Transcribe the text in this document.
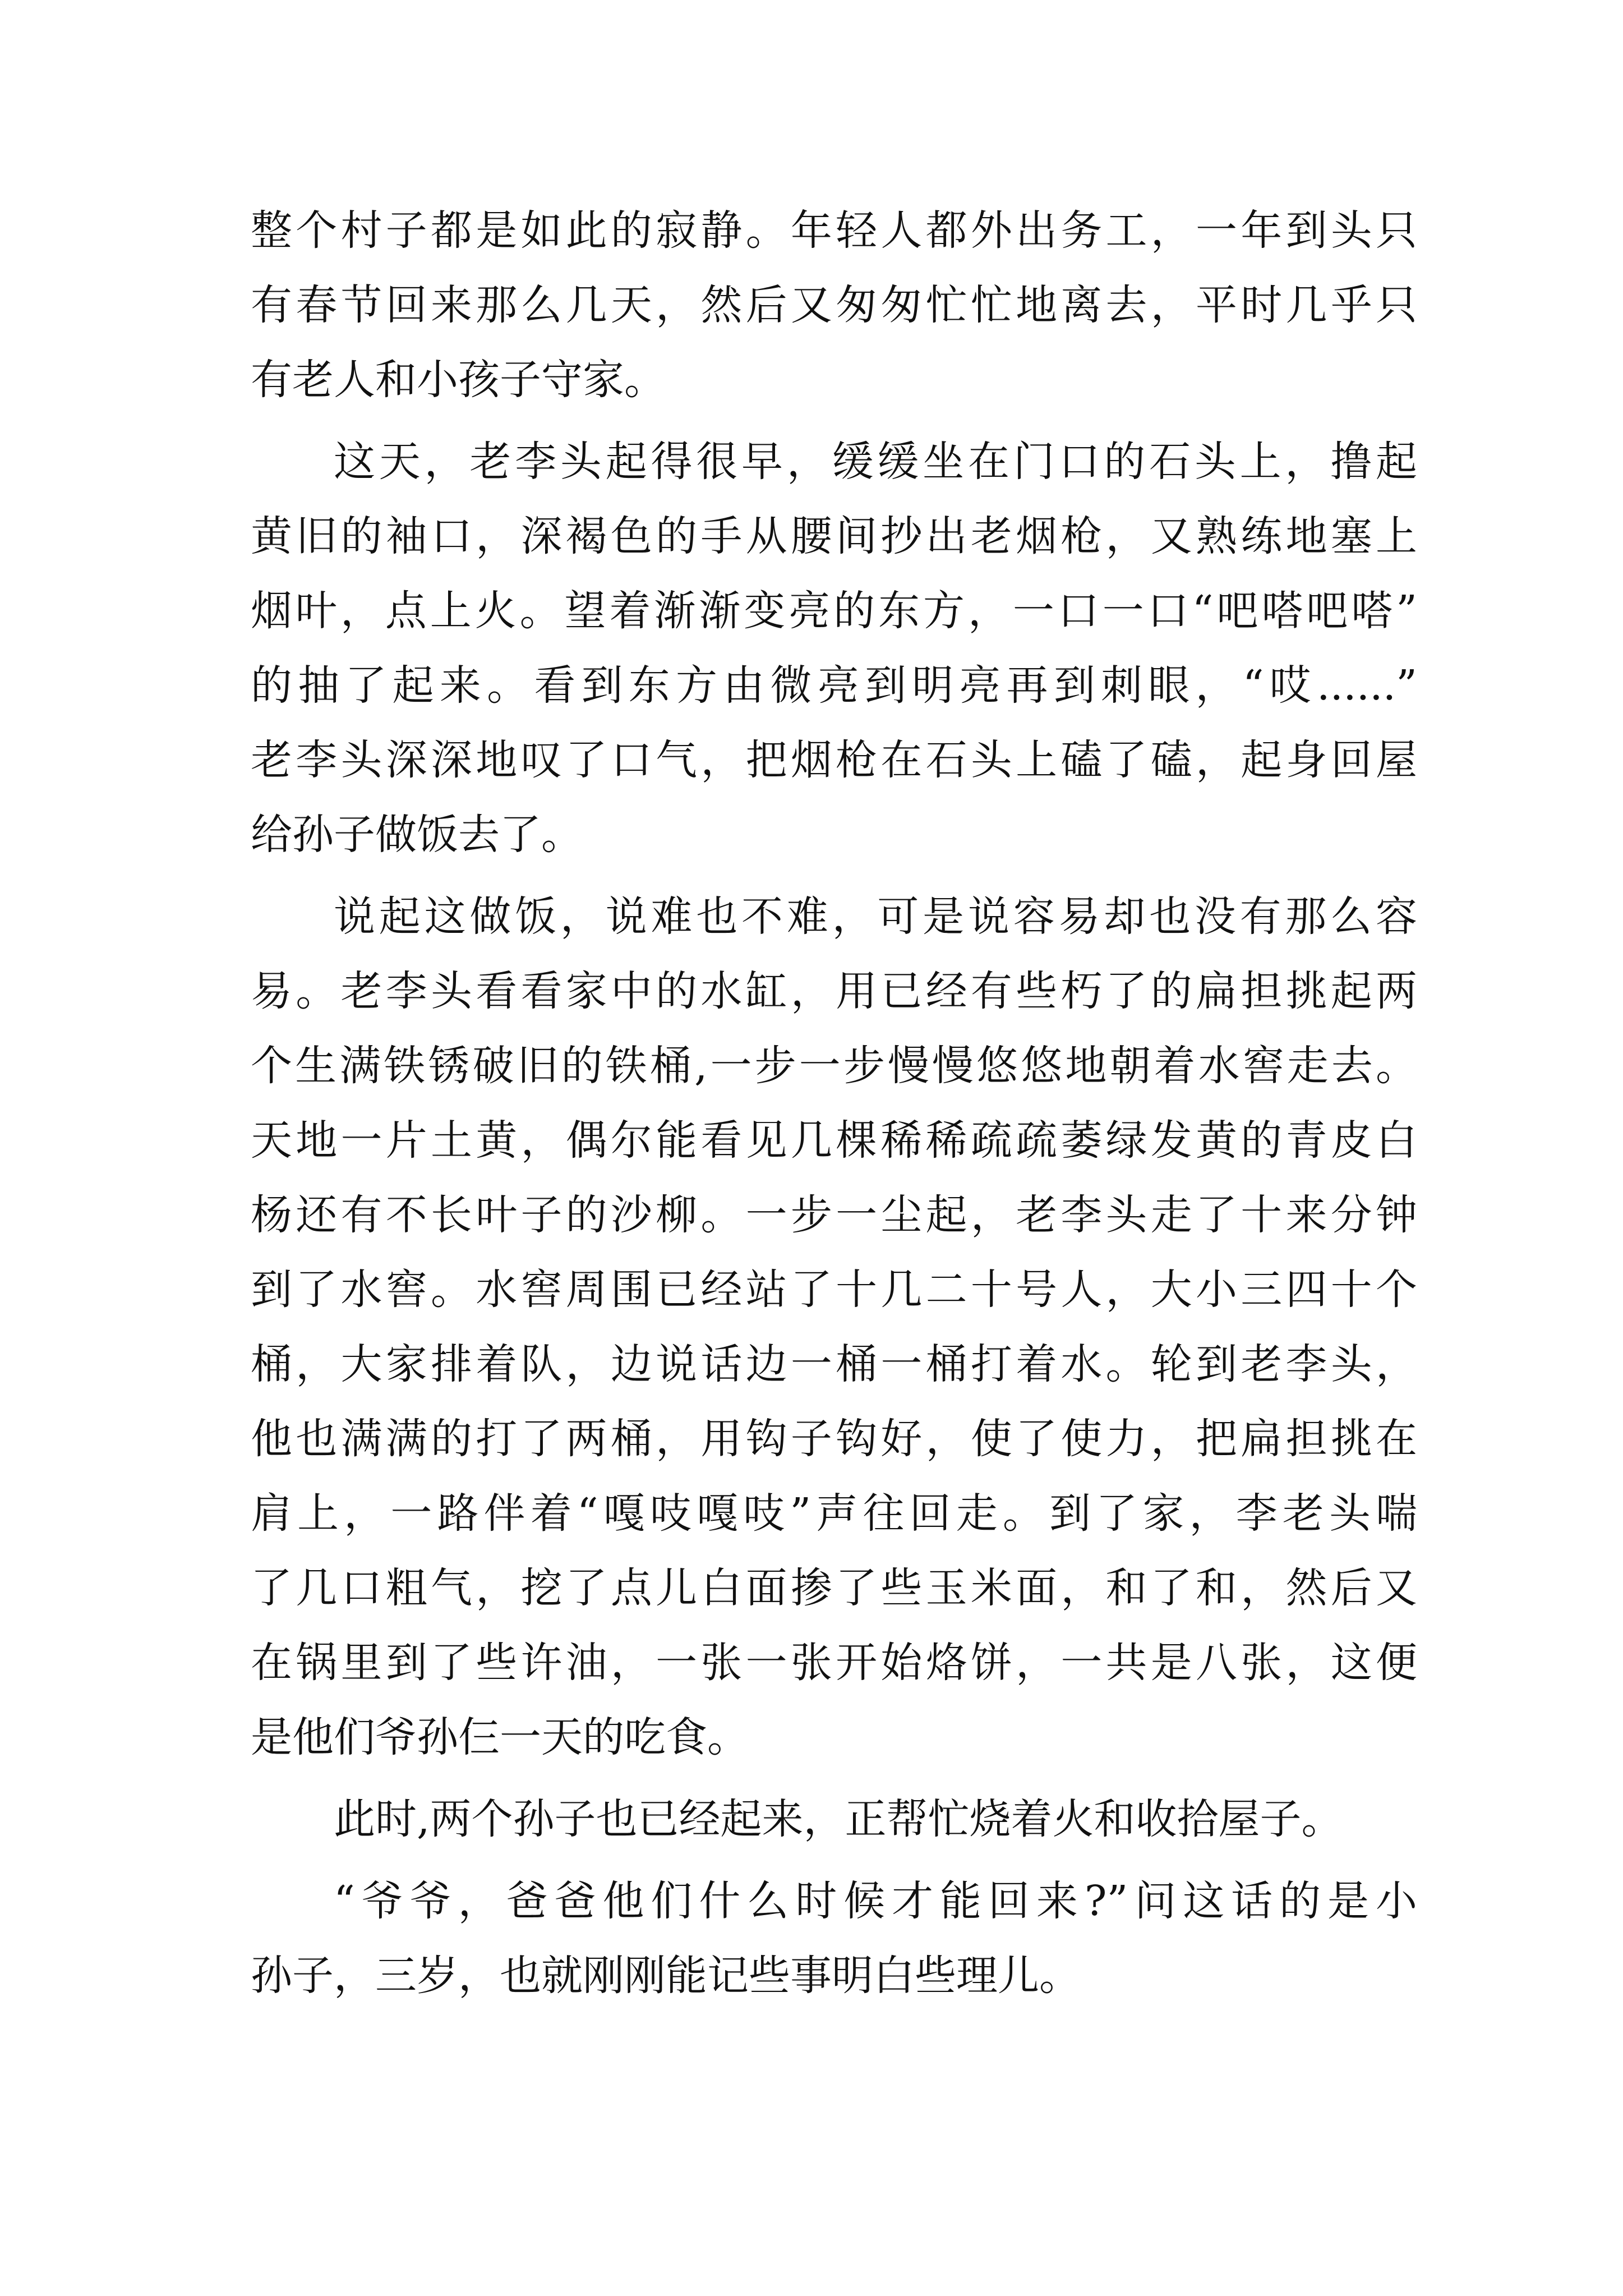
整个村子都是如此的寂静。年轻人都外出务工，一年到头只
有春节回来那么几天，然后又匆匆忙忙地离去，平时几乎只
有老人和小孩子守家。
这天，老李头起得很早，缓缓坐在门口的石头上，撸起
黄旧的袖口，深褐色的手从腰间抄出老烟枪，又熟练地塞上
烟叶，点上火。望着渐渐变亮的东方，一口一口“吧嗒吧嗒”
的抽了起来。看到东方由微亮到明亮再到刺眼，“哎......”
老李头深深地叹了口气，把烟枪在石头上磕了磕，起身回屋
给孙子做饭去了。
说起这做饭，说难也不难，可是说容易却也没有那么容
易。老李头看看家中的水缸，用已经有些朽了的扁担挑起两
个生满铁锈破旧的铁桶,一步一步慢慢悠悠地朝着水窖走去。
天地一片土黄，偶尔能看见几棵稀稀疏疏萎绿发黄的青皮白
杨还有不长叶子的沙柳。一步一尘起，老李头走了十来分钟
到了水窖。水窖周围已经站了十几二十号人，大小三四十个
桶，大家排着队，边说话边一桶一桶打着水。轮到老李头，
他也满满的打了两桶，用钩子钩好，使了使力，把扁担挑在
肩上，一路伴着“嘎吱嘎吱”声往回走。到了家，李老头喘
了几口粗气，挖了点儿白面掺了些玉米面，和了和，然后又
在锅里到了些许油，一张一张开始烙饼，一共是八张，这便
是他们爷孙仨一天的吃食。
此时,两个孙子也已经起来，正帮忙烧着火和收拾屋子。
“爷爷，爸爸他们什么时候才能回来?”问这话的是小
孙子，三岁，也就刚刚能记些事明白些理儿。
